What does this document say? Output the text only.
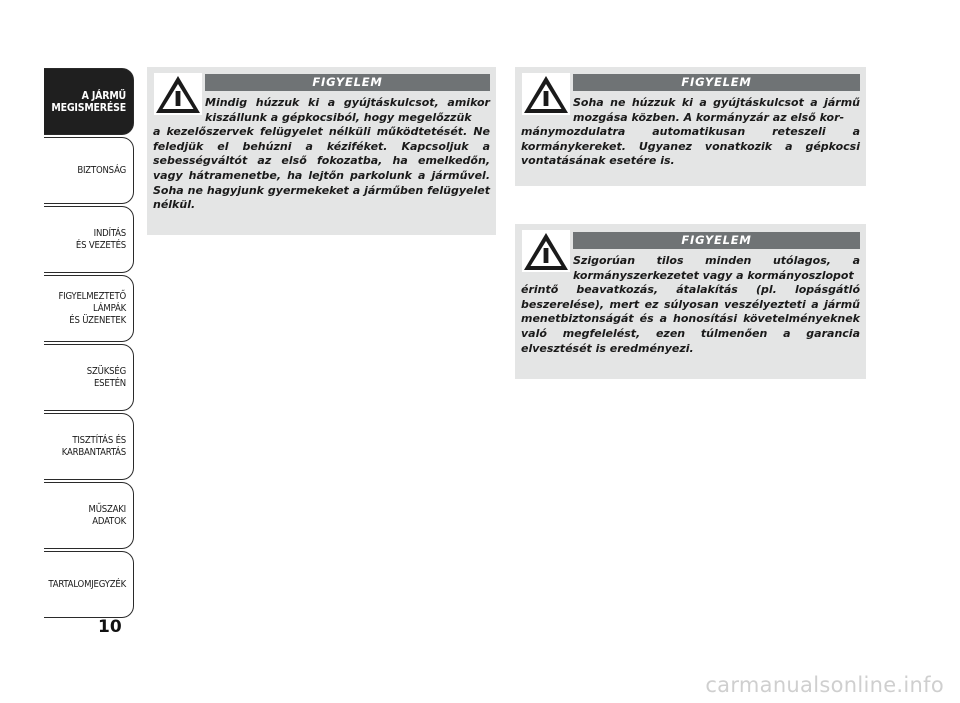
A JÁRMŰ
MEGISMERÉSE
BIZTONSÁG
INDÍTÁS
ÉS VEZETÉS
FIGYELMEZTETŐ
LÁMPÁK
ÉS ÜZENETEK
SZÜKSÉG
ESETÉN
TISZTÍTÁS ÉS
KARBANTARTÁS
MŰSZAKI
ADATOK
TARTALOMJEGYZÉK
10
FIGYELEM
Mindig húzzuk ki a gyújtáskulcsot, amikor kiszállunk a gépkocsiból, hogy megelőzzük
a kezelőszervek felügyelet nélküli működtetését. Ne feledjük el behúzni a kéziféket. Kapcsoljuk a sebességváltót az első fokozatba, ha emelkedőn, vagy hátramenetbe, ha lejtőn parkolunk a járművel. Soha ne hagyjunk gyermekeket a járműben felügyelet nélkül.
FIGYELEM
Soha ne húzzuk ki a gyújtáskulcsot a jármű mozgása közben. A kormányzár az első kor-
mánymozdulatra automatikusan reteszeli a kormánykereket. Ugyanez vonatkozik a gépkocsi vontatásának esetére is.
FIGYELEM
Szigorúan tilos minden utólagos, a kormányszerkezetet vagy a kormányoszlopot
érintő beavatkozás, átalakítás (pl. lopásgátló beszerelése), mert ez súlyosan veszélyezteti a jármű menetbiztonságát és a honosítási követelményeknek való megfelelést, ezen túlmenően a garancia elvesztését is eredményezi.
carmanualsonline.info
